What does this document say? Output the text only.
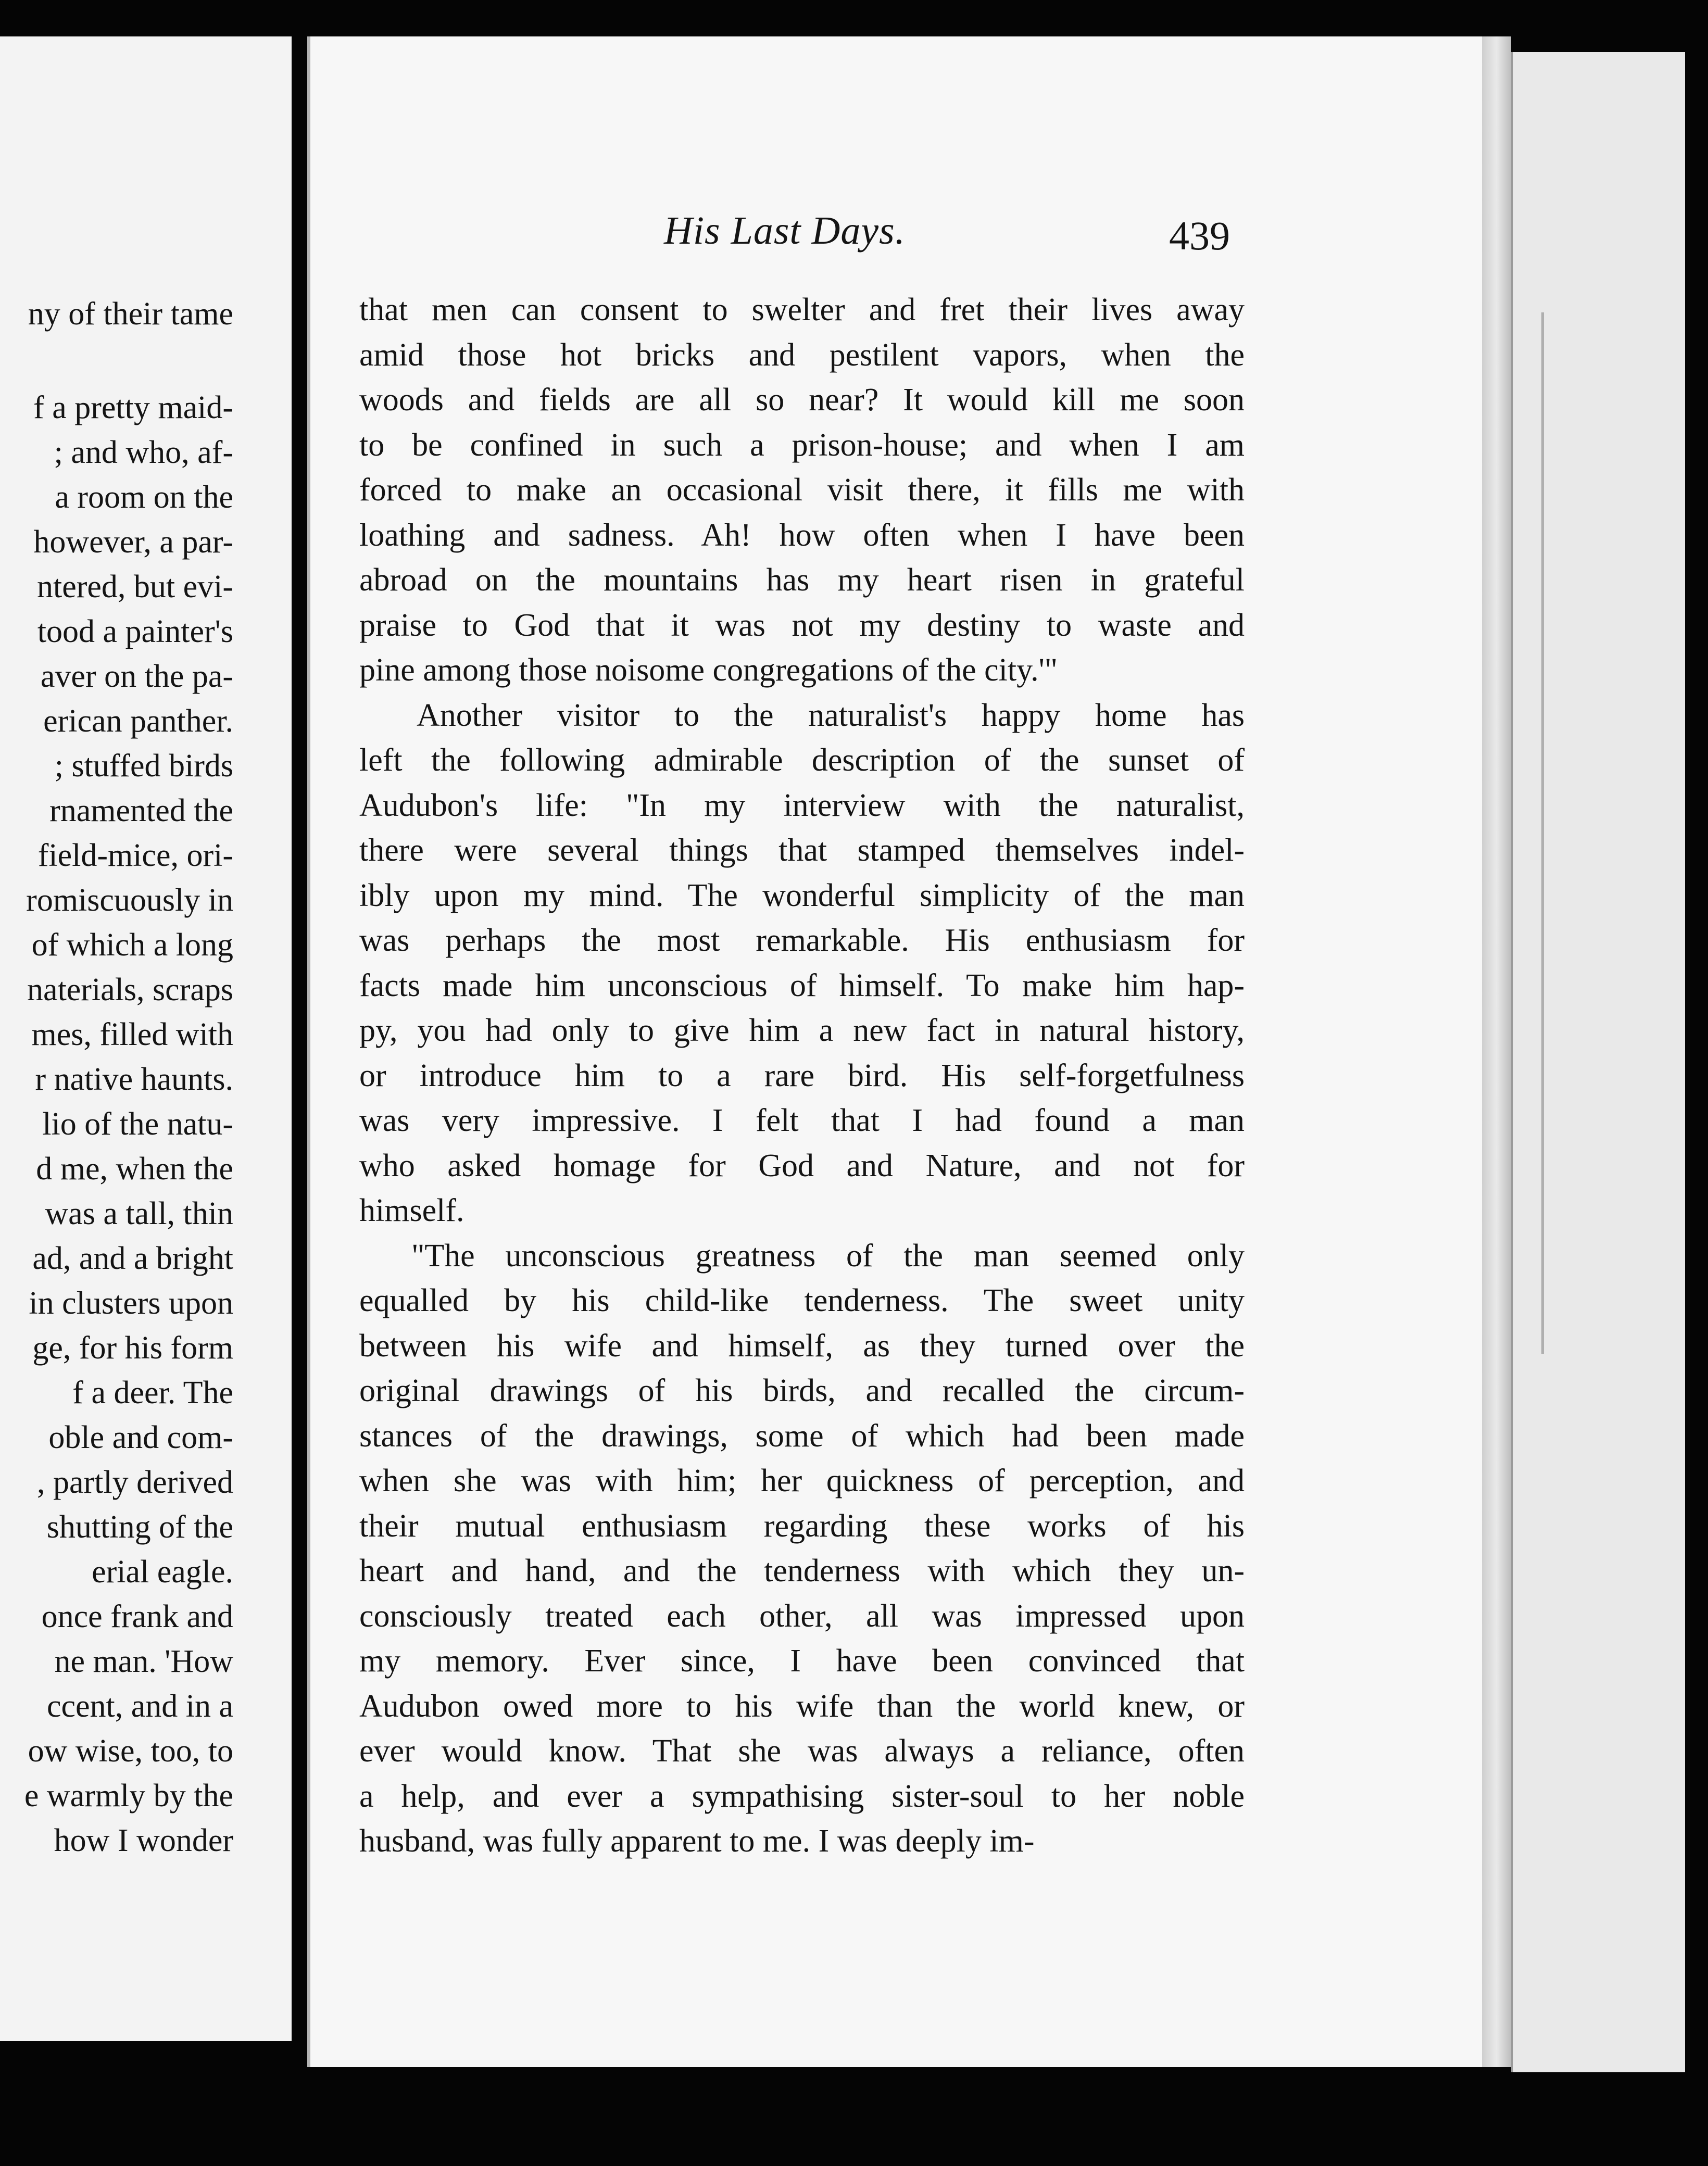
ny of their tame
f a pretty maid-
; and who, af-
a room on the
however, a par-
ntered, but evi-
tood a painter's
aver on the pa-
erican panther.
; stuffed birds
rnamented the
field-mice, ori-
romiscuously in
of which a long
naterials, scraps
mes, filled with
r native haunts.
lio of the natu-
d me, when the
was a tall, thin
ad, and a bright
in clusters upon
ge, for his form
f a deer. The
oble and com-
, partly derived
shutting of the
erial eagle.
once frank and
ne man. 'How
ccent, and in a
ow wise, too, to
e warmly by the
how I wonder
His Last Days.	439
that men can consent to swelter and fret their lives away
amid those hot bricks and pestilent vapors, when the
woods and fields are all so near? It would kill me soon
to be confined in such a prison-house; and when I am
forced to make an occasional visit there, it fills me with
loathing and sadness. Ah! how often when I have been
abroad on the mountains has my heart risen in grateful
praise to God that it was not my destiny to waste and
pine among those noisome congregations of the city.'"
Another visitor to the naturalist's happy home has
left the following admirable description of the sunset of
Audubon's life: "In my interview with the naturalist,
there were several things that stamped themselves indel-
ibly upon my mind. The wonderful simplicity of the man
was perhaps the most remarkable. His enthusiasm for
facts made him unconscious of himself. To make him hap-
py, you had only to give him a new fact in natural history,
or introduce him to a rare bird. His self-forgetfulness
was very impressive. I felt that I had found a man
who asked homage for God and Nature, and not for
himself.
"The unconscious greatness of the man seemed only
equalled by his child-like tenderness. The sweet unity
between his wife and himself, as they turned over the
original drawings of his birds, and recalled the circum-
stances of the drawings, some of which had been made
when she was with him; her quickness of perception, and
their mutual enthusiasm regarding these works of his
heart and hand, and the tenderness with which they un-
consciously treated each other, all was impressed upon
my memory. Ever since, I have been convinced that
Audubon owed more to his wife than the world knew, or
ever would know. That she was always a reliance, often
a help, and ever a sympathising sister-soul to her noble
husband, was fully apparent to me. I was deeply im-
